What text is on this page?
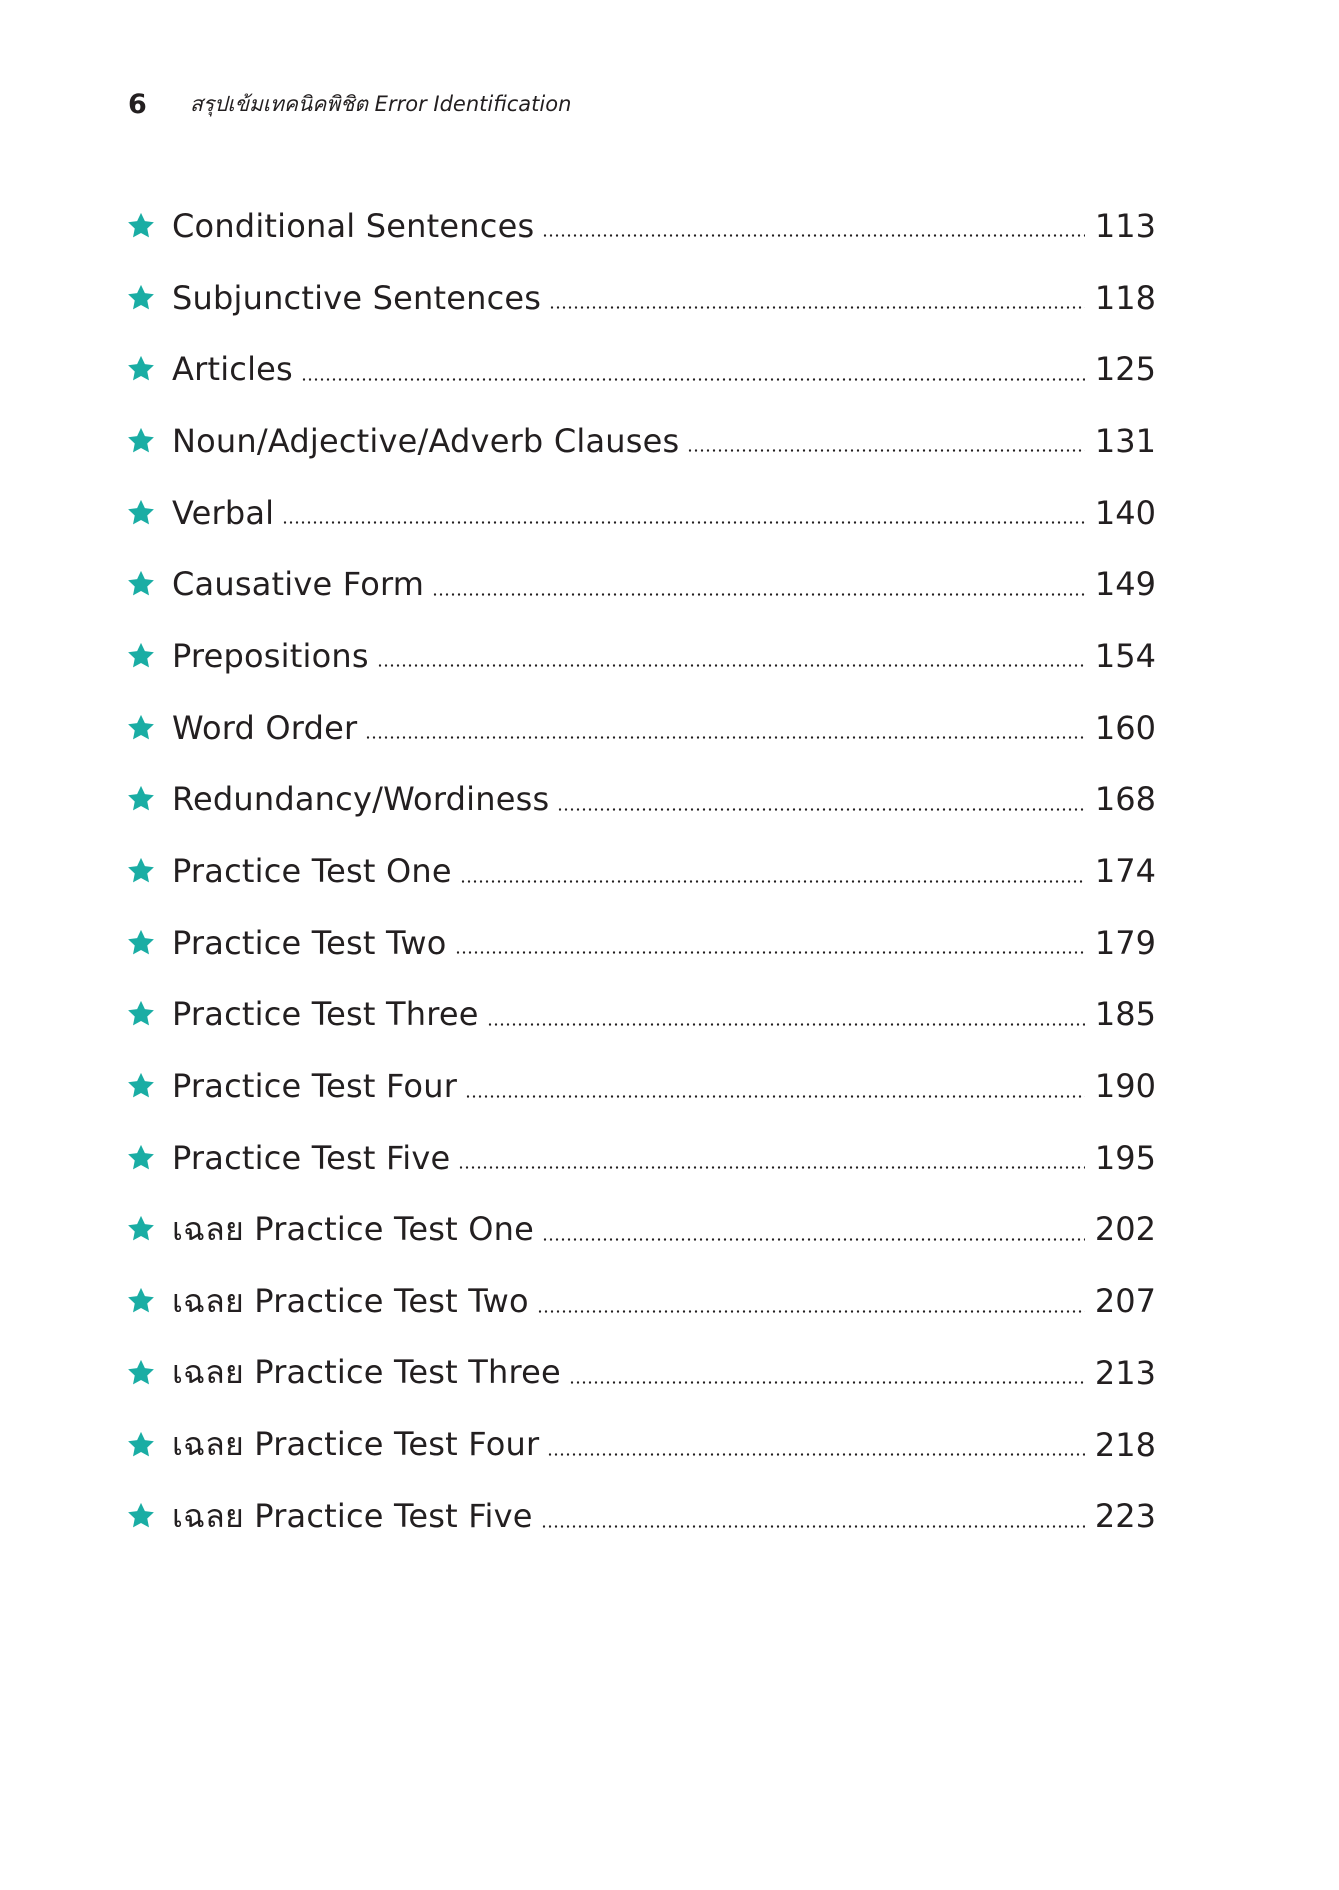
6	สรุปเข้มเทคนิคพิชิต Error Identification
Conditional Sentences	113
Subjunctive Sentences	118
Articles	125
Noun/Adjective/Adverb Clauses	131
Verbal	140
Causative Form	149
Prepositions	154
Word Order	160
Redundancy/Wordiness	168
Practice Test One	174
Practice Test Two	179
Practice Test Three	185
Practice Test Four	190
Practice Test Five	195
เฉลย Practice Test One	202
เฉลย Practice Test Two	207
เฉลย Practice Test Three	213
เฉลย Practice Test Four	218
เฉลย Practice Test Five	223
